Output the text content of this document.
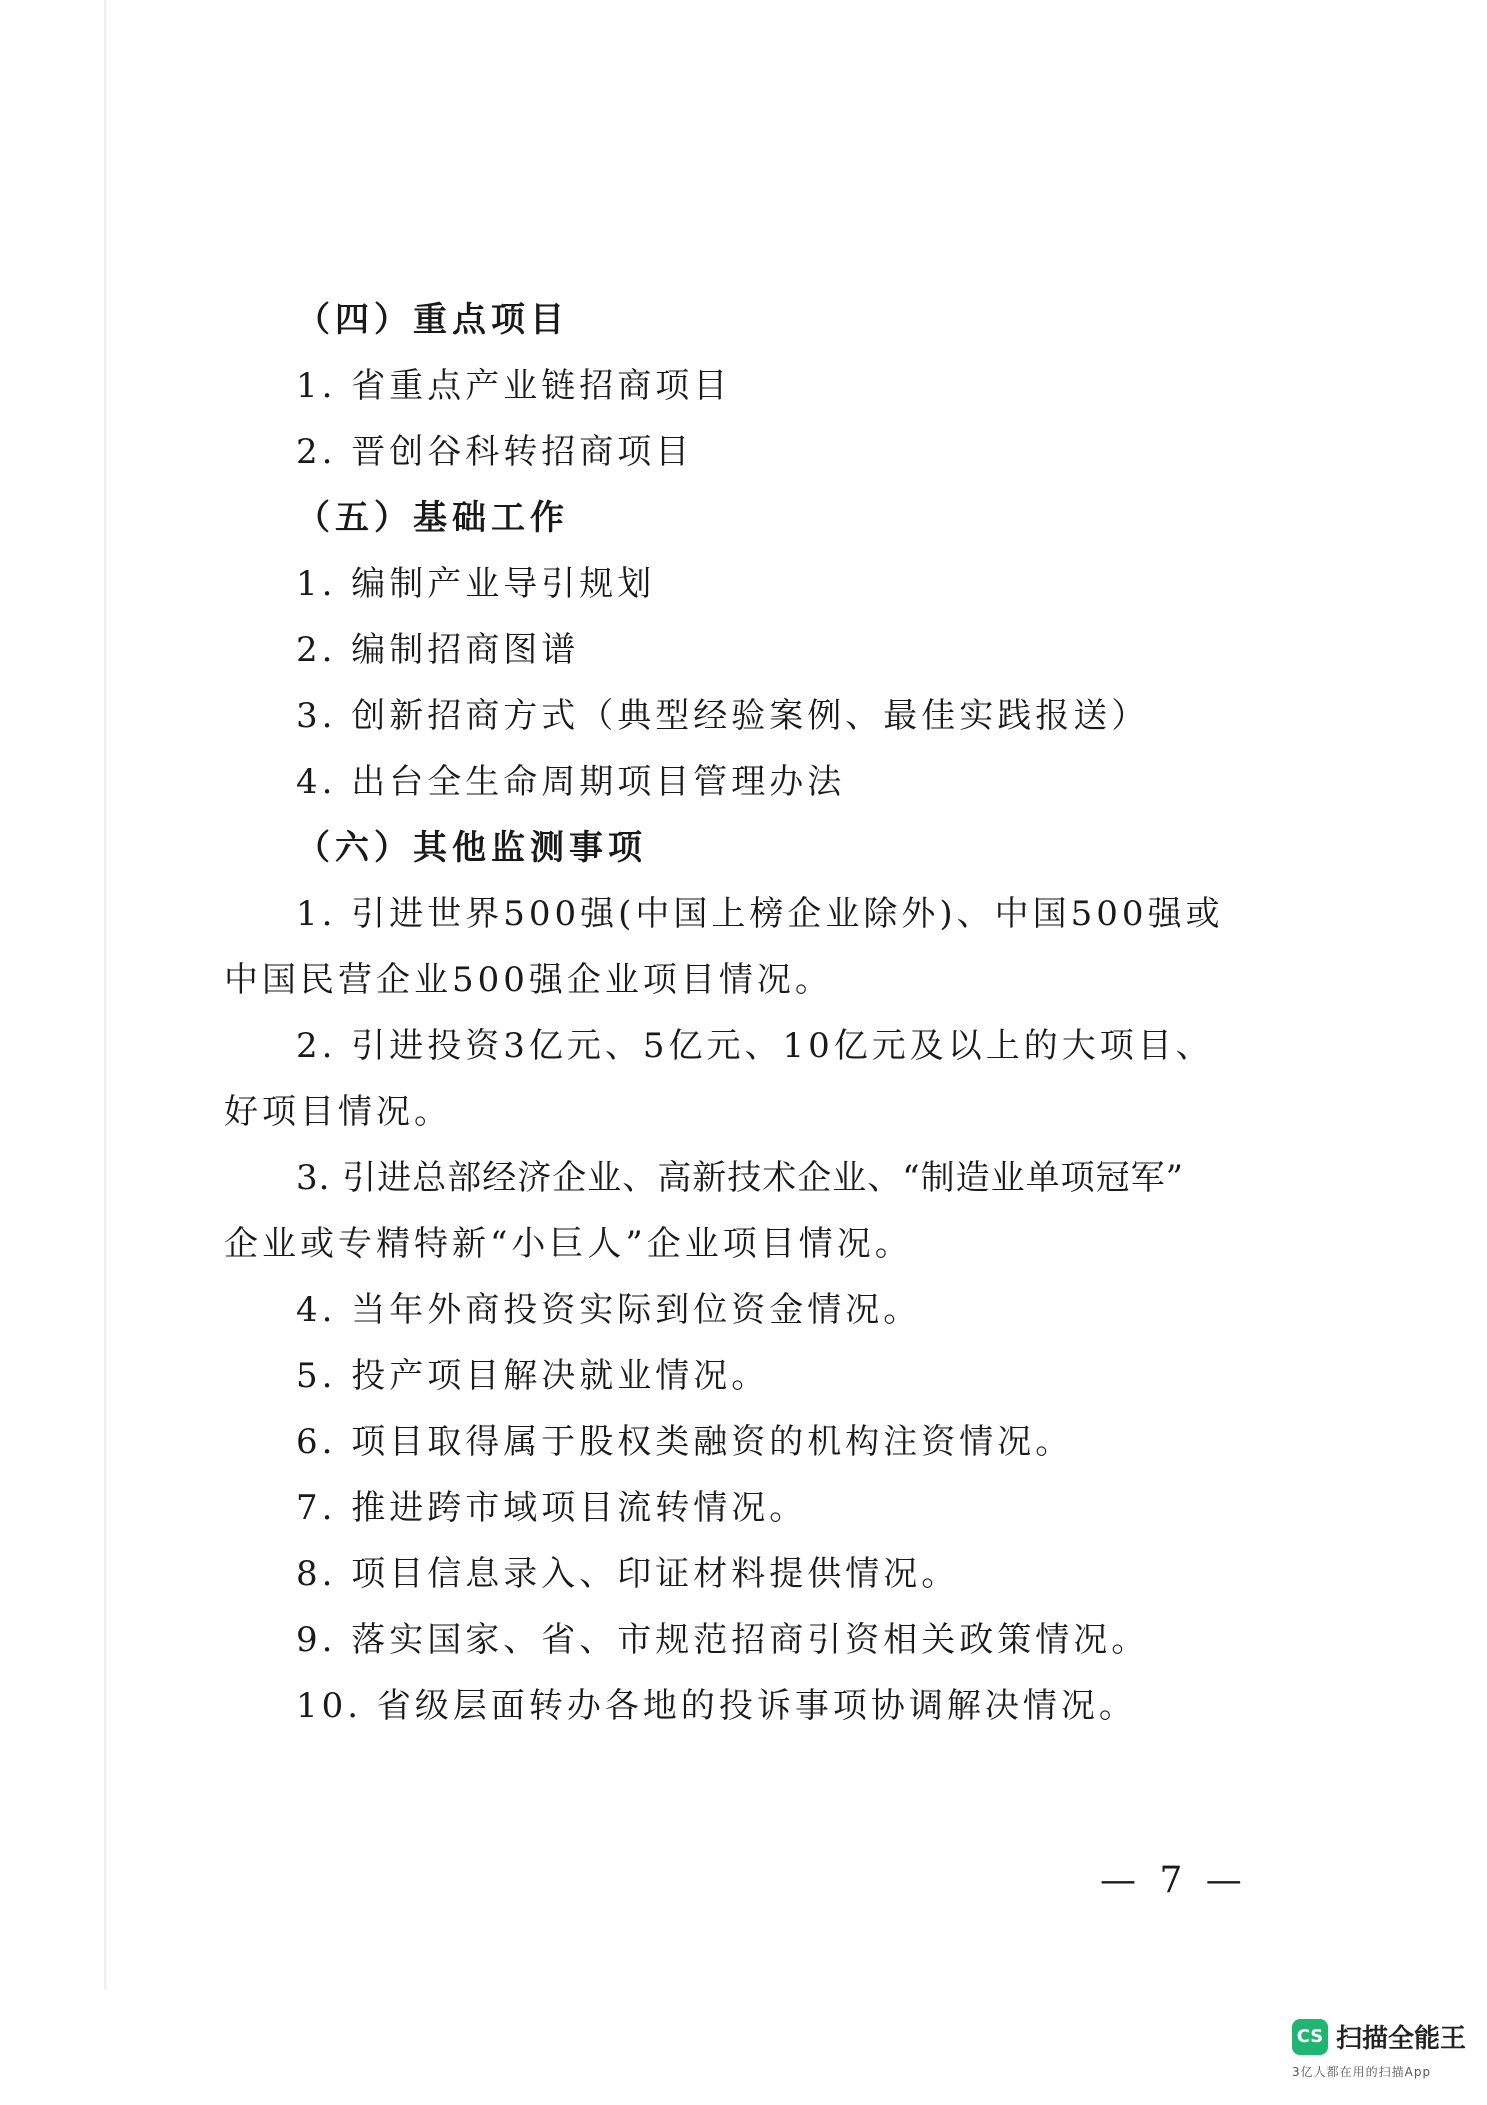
（四）重点项目
1. 省重点产业链招商项目
2. 晋创谷科转招商项目
（五）基础工作
1. 编制产业导引规划
2. 编制招商图谱
3. 创新招商方式（典型经验案例、最佳实践报送）
4. 出台全生命周期项目管理办法
（六）其他监测事项
1. 引进世界500强(中国上榜企业除外)、中国500强或
中国民营企业500强企业项目情况。
2. 引进投资3亿元、5亿元、10亿元及以上的大项目、
好项目情况。
3. 引进总部经济企业、高新技术企业、“制造业单项冠军”
企业或专精特新“小巨人”企业项目情况。
4. 当年外商投资实际到位资金情况。
5. 投产项目解决就业情况。
6. 项目取得属于股权类融资的机构注资情况。
7. 推进跨市域项目流转情况。
8. 项目信息录入、印证材料提供情况。
9. 落实国家、省、市规范招商引资相关政策情况。
10. 省级层面转办各地的投诉事项协调解决情况。
— 7 —
CS 扫描全能王
3亿人都在用的扫描App
